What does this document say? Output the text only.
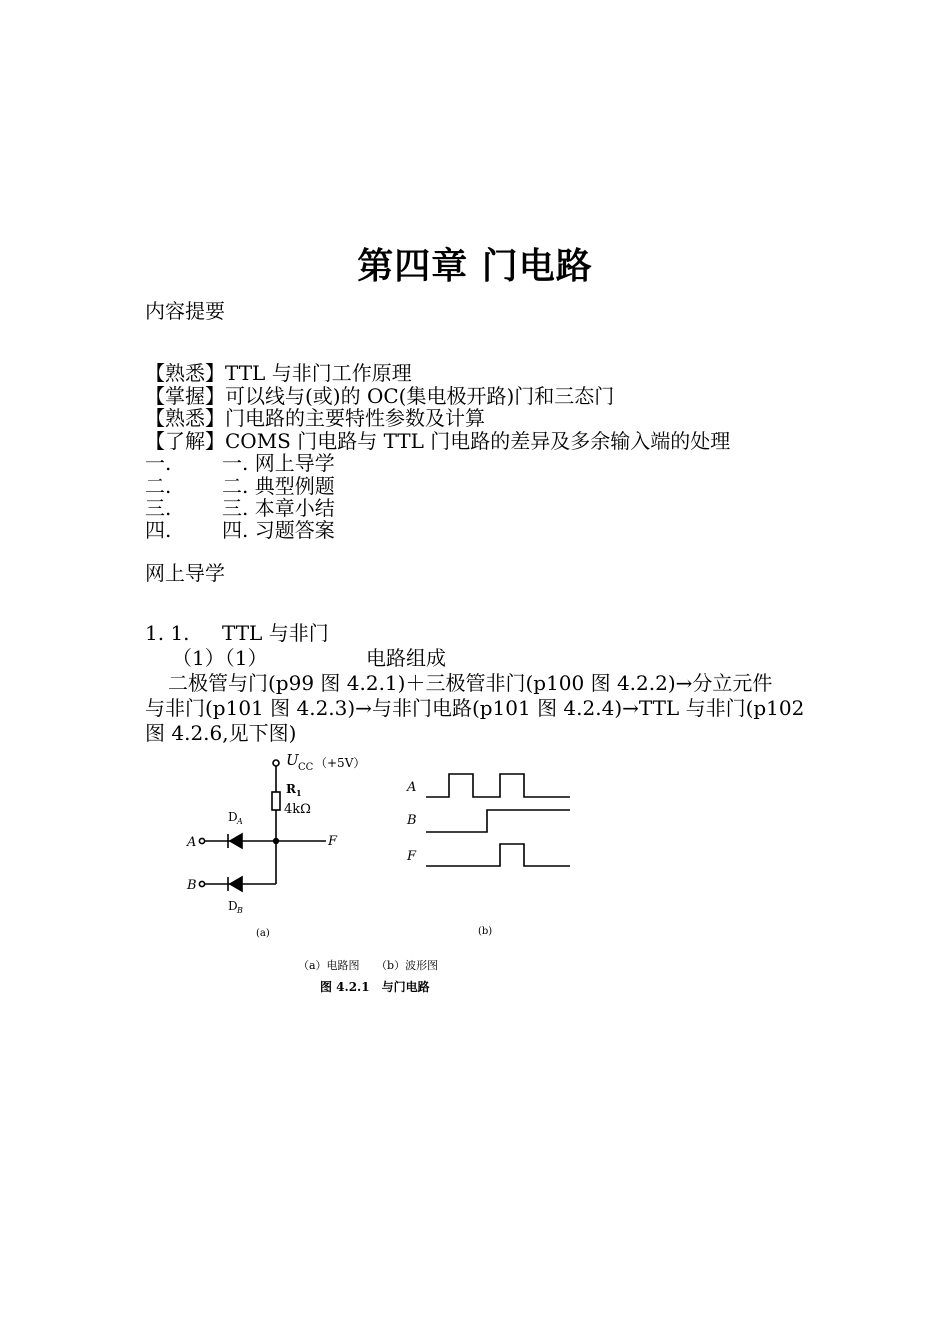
第四章 门电路
内容提要
【熟悉】TTL 与非门工作原理
【掌握】可以线与(或)的 OC(集电极开路)门和三态门
【熟悉】门电路的主要特性参数及计算
【了解】COMS 门电路与 TTL 门电路的差异及多余输入端的处理
一.	一. 网上导学
二.	二. 典型例题
三.	三. 本章小结
四.	四. 习题答案
网上导学
1. 1. TTL 与非门
（1）（1）	电路组成
二极管与门(p99 图 4.2.1)＋三极管非门(p100 图 4.2.2)→分立元件
与非门(p101 图 4.2.3)→与非门电路(p101 图 4.2.4)→TTL 与非门(p102
图 4.2.6,见下图)
U CC （+5V）
R 1
4kΩ
D A
D B
A
B
F
(a)
A
B
F
(b)
（a）电路图　　（b）波形图
图 4.2.1　与门电路
